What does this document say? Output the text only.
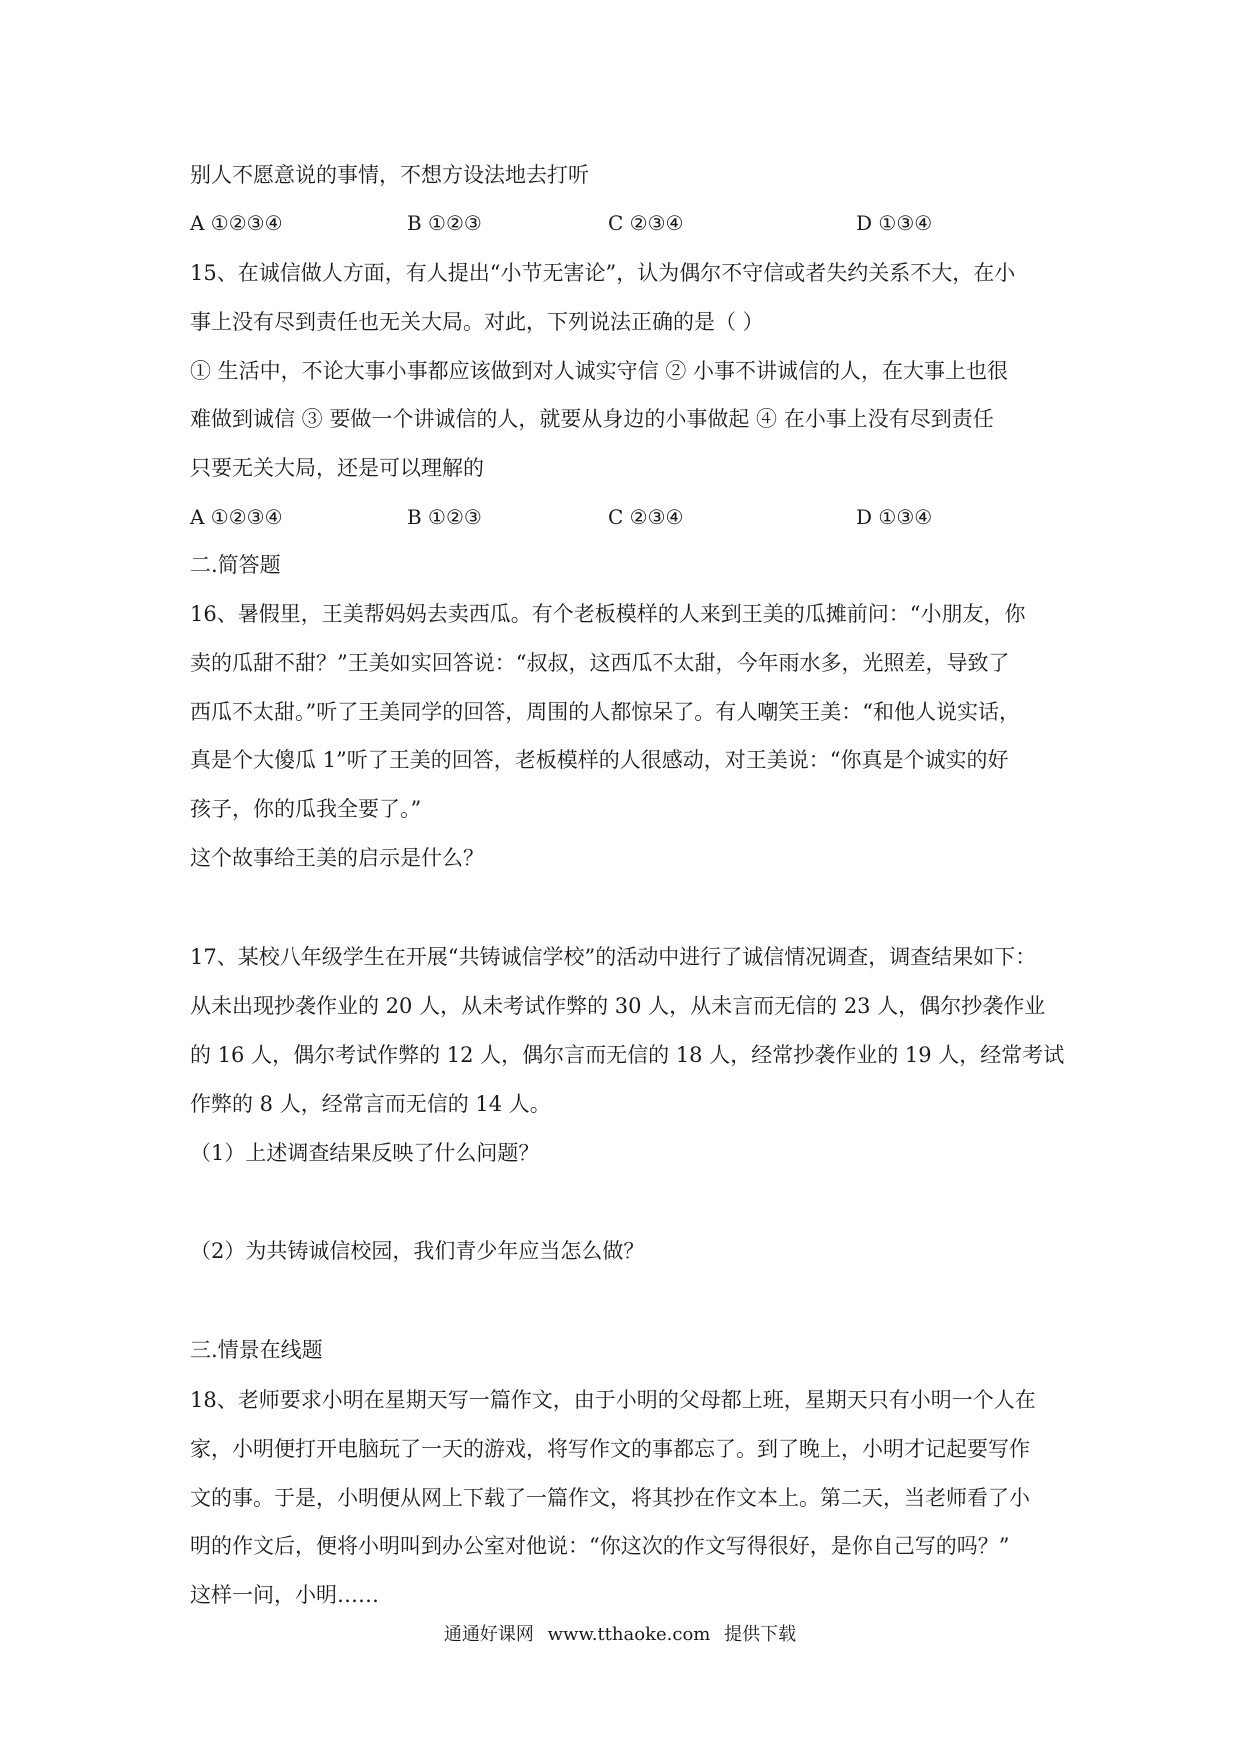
别人不愿意说的事情，不想方设法地去打听
A ①②③④	B ①②③	C ②③④	D ①③④
15、在诚信做人方面，有人提出“小节无害论”，认为偶尔不守信或者失约关系不大，在小
事上没有尽到责任也无关大局。对此，下列说法正确的是（ ）
① 生活中，不论大事小事都应该做到对人诚实守信 ② 小事不讲诚信的人，在大事上也很
难做到诚信 ③ 要做一个讲诚信的人，就要从身边的小事做起 ④ 在小事上没有尽到责任
只要无关大局，还是可以理解的
A ①②③④	B ①②③	C ②③④	D ①③④
二.简答题
16、暑假里，王美帮妈妈去卖西瓜。有个老板模样的人来到王美的瓜摊前问：“小朋友，你
卖的瓜甜不甜？”王美如实回答说：“叔叔，这西瓜不太甜，今年雨水多，光照差，导致了
西瓜不太甜。”听了王美同学的回答，周围的人都惊呆了。有人嘲笑王美：“和他人说实话，
真是个大傻瓜 1”听了王美的回答，老板模样的人很感动，对王美说：“你真是个诚实的好
孩子，你的瓜我全要了。”
这个故事给王美的启示是什么？
17、某校八年级学生在开展“共铸诚信学校”的活动中进行了诚信情况调查，调查结果如下：
从未出现抄袭作业的 20 人，从未考试作弊的 30 人，从未言而无信的 23 人，偶尔抄袭作业
的 16 人，偶尔考试作弊的 12 人，偶尔言而无信的 18 人，经常抄袭作业的 19 人，经常考试
作弊的 8 人，经常言而无信的 14 人。
（1）上述调查结果反映了什么问题？
（2）为共铸诚信校园，我们青少年应当怎么做？
三.情景在线题
18、老师要求小明在星期天写一篇作文，由于小明的父母都上班，星期天只有小明一个人在
家，小明便打开电脑玩了一天的游戏，将写作文的事都忘了。到了晚上，小明才记起要写作
文的事。于是，小明便从网上下载了一篇作文，将其抄在作文本上。第二天，当老师看了小
明的作文后，便将小明叫到办公室对他说：“你这次的作文写得很好，是你自己写的吗？”
这样一问，小明……
通通好课网 www.tthaoke.com 提供下载
